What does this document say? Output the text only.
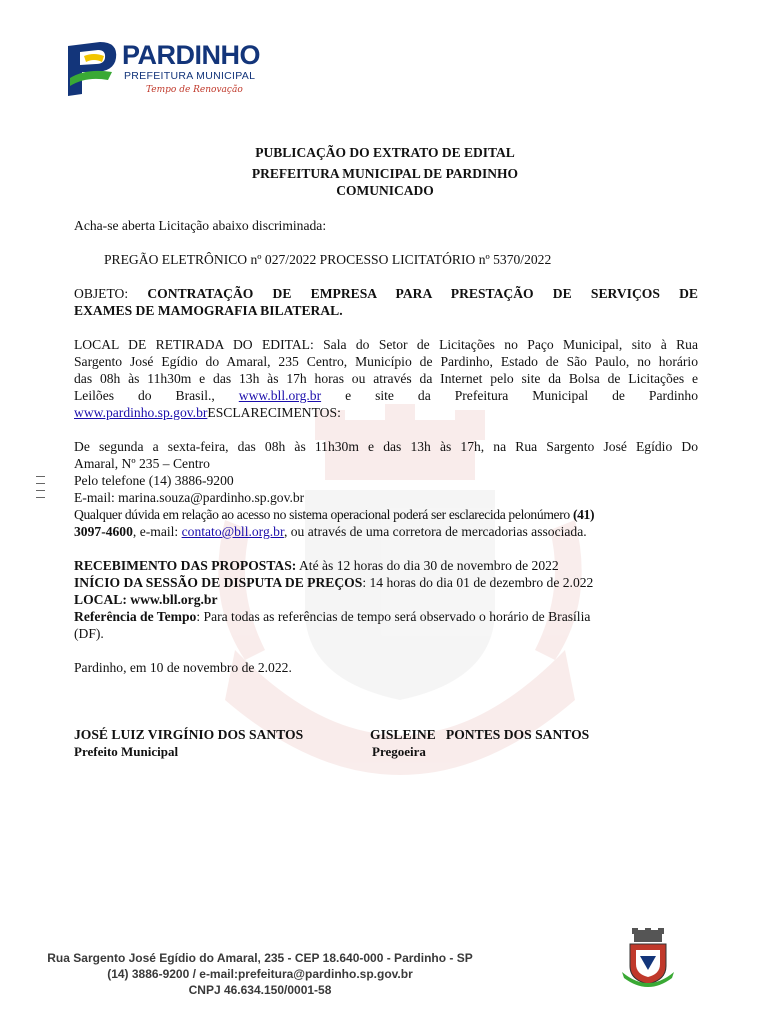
PARDINHO
PREFEITURA MUNICIPAL
Tempo de Renovação
PUBLICAÇÃO DO EXTRATO DE EDITAL
PREFEITURA MUNICIPAL DE PARDINHO
COMUNICADO
Acha-se aberta Licitação abaixo discriminada:
PREGÃO ELETRÔNICO nº 027/2022 PROCESSO LICITATÓRIO nº 5370/2022
OBJETO: CONTRATAÇÃO DE EMPRESA PARA PRESTAÇÃO DE SERVIÇOS DE
EXAMES DE MAMOGRAFIA BILATERAL.
LOCAL DE RETIRADA DO EDITAL: Sala do Setor de Licitações no Paço Municipal, sito à Rua
Sargento José Egídio do Amaral, 235 Centro, Município de Pardinho, Estado de São Paulo, no horário
das 08h às 11h30m e das 13h às 17h horas ou através da Internet pelo site da Bolsa de Licitações e
Leilões do Brasil., www.bll.org.br e site da Prefeitura Municipal de Pardinho
www.pardinho.sp.gov.brESCLARECIMENTOS:
De segunda a sexta-feira, das 08h às 11h30m e das 13h às 17h, na Rua Sargento José Egídio Do
Amaral, Nº 235 – Centro
Pelo telefone (14) 3886-9200
E-mail: marina.souza@pardinho.sp.gov.br
Qualquer dúvida em relação ao acesso no sistema operacional poderá ser esclarecida pelonúmero (41)
3097-4600, e-mail: contato@bll.org.br, ou através de uma corretora de mercadorias associada.
RECEBIMENTO DAS PROPOSTAS: Até às 12 horas do dia 30 de novembro de 2022
INÍCIO DA SESSÃO DE DISPUTA DE PREÇOS: 14 horas do dia 01 de dezembro de 2.022
LOCAL: www.bll.org.br
Referência de Tempo: Para todas as referências de tempo será observado o horário de Brasília
(DF).
Pardinho, em 10 de novembro de 2.022.
JOSÉ LUIZ VIRGÍNIO DOS SANTOS
Prefeito Municipal
GISLEINE   PONTES DOS SANTOS
Pregoeira
Rua Sargento José Egídio do Amaral, 235 - CEP 18.640-000 - Pardinho - SP
(14) 3886-9200 / e-mail:prefeitura@pardinho.sp.gov.br
CNPJ 46.634.150/0001-58
